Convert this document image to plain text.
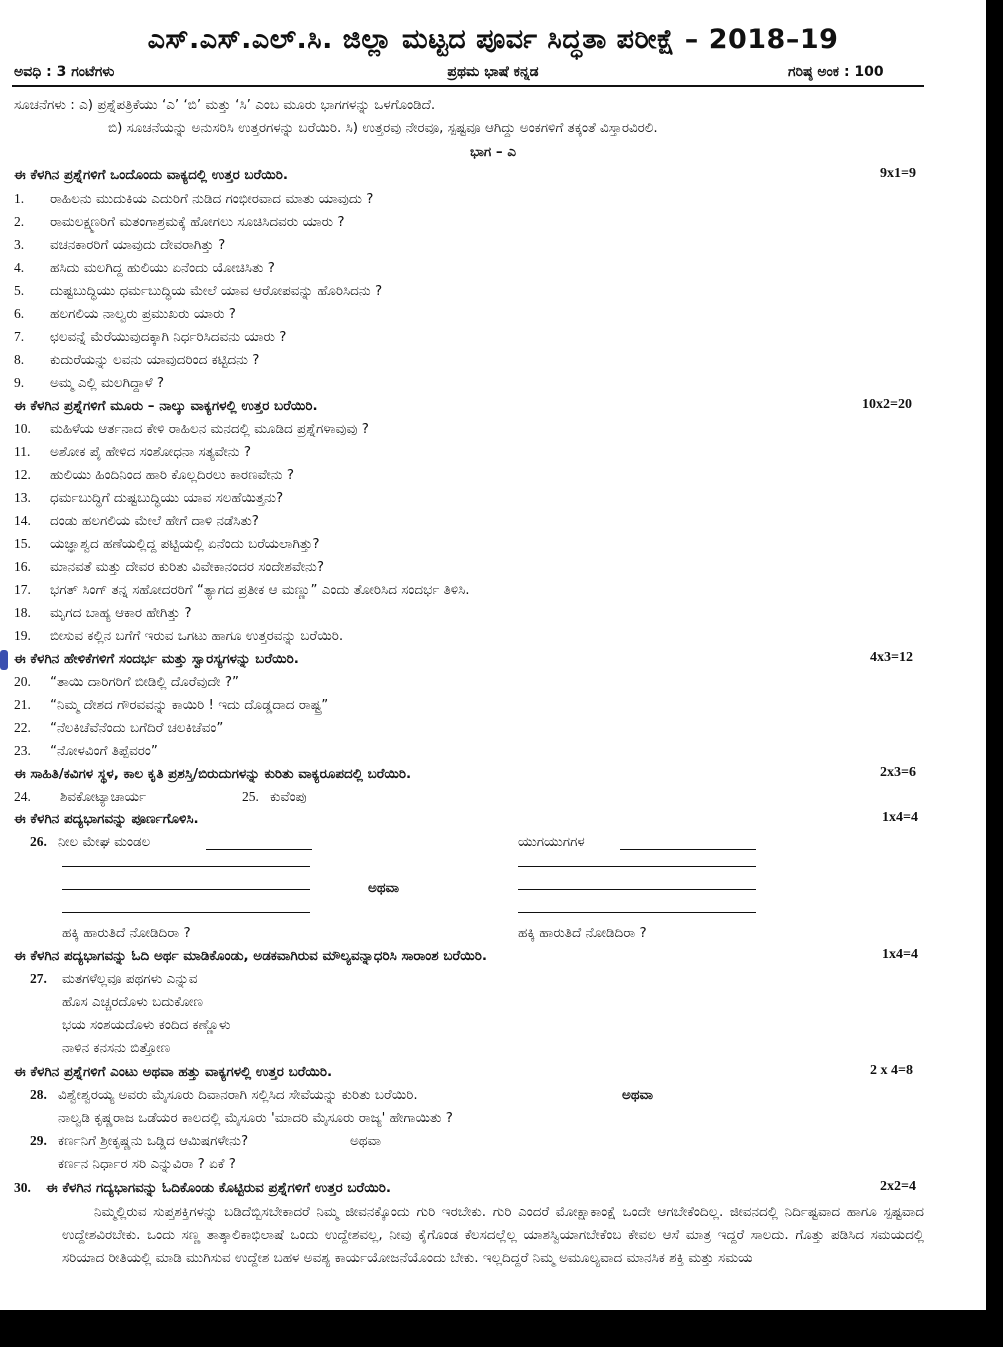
ಎಸ್.ಎಸ್.ಎಲ್.ಸಿ. ಜಿಲ್ಲಾ ಮಟ್ಟದ ಪೂರ್ವ ಸಿದ್ಧತಾ ಪರೀಕ್ಷೆ – 2018–19
ಅವಧಿ : 3 ಗಂಟೆಗಳು	ಪ್ರಥಮ ಭಾಷೆ ಕನ್ನಡ	ಗರಿಷ್ಠ ಅಂಕ : 100
ಸೂಚನೆಗಳು : ಎ) ಪ್ರಶ್ನೆಪತ್ರಿಕೆಯು ‘ಎ’ ‘ಬಿ’ ಮತ್ತು ‘ಸಿ’ ಎಂಬ ಮೂರು ಭಾಗಗಳನ್ನು ಒಳಗೊಂಡಿದೆ.
ಬಿ) ಸೂಚನೆಯನ್ನು ಅನುಸರಿಸಿ ಉತ್ತರಗಳನ್ನು ಬರೆಯಿರಿ. ಸಿ) ಉತ್ತರವು ನೇರವೂ, ಸ್ಪಷ್ಟವೂ ಆಗಿದ್ದು ಅಂಕಗಳಿಗೆ ತಕ್ಕಂತೆ ವಿಸ್ತಾರವಿರಲಿ.
ಭಾಗ – ಎ
ಈ ಕೆಳಗಿನ ಪ್ರಶ್ನೆಗಳಿಗೆ ಒಂದೊಂದು ವಾಕ್ಯದಲ್ಲಿ ಉತ್ತರ ಬರೆಯಿರಿ.	9x1=9
1. ರಾಹಿಲನು ಮುದುಕಿಯ ಎದುರಿಗೆ ನುಡಿದ ಗಂಭೀರವಾದ ಮಾತು ಯಾವುದು ?
2. ರಾಮಲಕ್ಷ್ಮಣರಿಗೆ ಮತಂಗಾಶ್ರಮಕ್ಕೆ ಹೋಗಲು ಸೂಚಿಸಿದವರು ಯಾರು ?
3. ವಚನಕಾರರಿಗೆ ಯಾವುದು ದೇವರಾಗಿತ್ತು ?
4. ಹಸಿದು ಮಲಗಿದ್ದ ಹುಲಿಯು ಏನೆಂದು ಯೋಚಿಸಿತು ?
5. ದುಷ್ಟಬುದ್ಧಿಯು ಧರ್ಮಬುದ್ಧಿಯ ಮೇಲೆ ಯಾವ ಆರೋಪವನ್ನು ಹೊರಿಸಿದನು ?
6. ಹಲಗಲಿಯ ನಾಲ್ವರು ಪ್ರಮುಖರು ಯಾರು ?
7. ಛಲವನ್ನೆ ಮೆರೆಯುವುದಕ್ಕಾಗಿ ನಿರ್ಧರಿಸಿದವನು ಯಾರು ?
8. ಕುದುರೆಯನ್ನು ಲವನು ಯಾವುದರಿಂದ ಕಟ್ಟಿದನು ?
9. ಅಮ್ಮ ಎಲ್ಲಿ ಮಲಗಿದ್ದಾಳೆ ?
ಈ ಕೆಳಗಿನ ಪ್ರಶ್ನೆಗಳಿಗೆ ಮೂರು – ನಾಲ್ಕು ವಾಕ್ಯಗಳಲ್ಲಿ ಉತ್ತರ ಬರೆಯಿರಿ.	10x2=20
10. ಮಹಿಳೆಯ ಆರ್ತನಾದ ಕೇಳಿ ರಾಹಿಲನ ಮನದಲ್ಲಿ ಮೂಡಿದ ಪ್ರಶ್ನೆಗಳಾವುವು ?
11. ಅಶೋಕ ಪೈ ಹೇಳಿದ ಸಂಶೋಧನಾ ಸತ್ಯವೇನು ?
12. ಹುಲಿಯು ಹಿಂದಿನಿಂದ ಹಾರಿ ಕೊಲ್ಲದಿರಲು ಕಾರಣವೇನು ?
13. ಧರ್ಮಬುದ್ಧಿಗೆ ದುಷ್ಟಬುದ್ಧಿಯು ಯಾವ ಸಲಹೆಯಿತ್ತನು?
14. ದಂಡು ಹಲಗಲಿಯ ಮೇಲೆ ಹೇಗೆ ದಾಳಿ ನಡೆಸಿತು?
15. ಯಜ್ಞಾಶ್ವದ ಹಣೆಯಲ್ಲಿದ್ದ ಪಟ್ಟಿಯಲ್ಲಿ ಏನೆಂದು ಬರೆಯಲಾಗಿತ್ತು?
16. ಮಾನವತೆ ಮತ್ತು ದೇವರ ಕುರಿತು ವಿವೇಕಾನಂದರ ಸಂದೇಶವೇನು?
17. ಭಗತ್ ಸಿಂಗ್ ತನ್ನ ಸಹೋದರರಿಗೆ “ತ್ಯಾಗದ ಪ್ರತೀಕ ಆ ಮಣ್ಣು” ಎಂದು ತೋರಿಸಿದ ಸಂದರ್ಭ ತಿಳಿಸಿ.
18. ಮೃಗದ ಬಾಹ್ಯ ಆಕಾರ ಹೇಗಿತ್ತು ?
19. ಬೀಸುವ ಕಲ್ಲಿನ ಬಗೆಗೆ ಇರುವ ಒಗಟು ಹಾಗೂ ಉತ್ತರವನ್ನು ಬರೆಯಿರಿ.
ಈ ಕೆಳಗಿನ ಹೇಳಿಕೆಗಳಿಗೆ ಸಂದರ್ಭ ಮತ್ತು ಸ್ವಾರಸ್ಯಗಳನ್ನು ಬರೆಯಿರಿ.	4x3=12
20. “ತಾಯಿ ದಾರಿಗರಿಗೆ ಬೀಡಿಲ್ಲಿ ದೊರೆವುದೇ ?”
21. “ನಿಮ್ಮ ದೇಶದ ಗೌರವವನ್ನು ಕಾಯಿರಿ ! ಇದು ದೊಡ್ಡದಾದ ರಾಷ್ಟ್ರ”
22. “ನೆಲಕಿಚೆವೆನೆಂದು ಬಗೆದಿರೆ ಚಲಕಿಚೆವಂ”
23. “ನೋಳವಿಂಗೆ ತಿಪ್ಪೆವರಂ”
ಈ ಸಾಹಿತಿ/ಕವಿಗಳ ಸ್ಥಳ, ಕಾಲ ಕೃತಿ ಪ್ರಶಸ್ತಿ/ಬಿರುದುಗಳನ್ನು ಕುರಿತು ವಾಕ್ಯರೂಪದಲ್ಲಿ ಬರೆಯಿರಿ.	2x3=6
24. ಶಿವಕೋಟ್ಯಾಚಾರ್ಯ	25. ಕುವೆಂಪು
ಈ ಕೆಳಗಿನ ಪದ್ಯಭಾಗವನ್ನು ಪೂರ್ಣಗೊಳಿಸಿ.	1x4=4
26. ನೀಲ ಮೇಘ ಮಂಡಲ
ಅಥವಾ
ಯುಗಯುಗಗಳ
ಹಕ್ಕಿ ಹಾರುತಿದೆ ನೋಡಿದಿರಾ ?	ಹಕ್ಕಿ ಹಾರುತಿದೆ ನೋಡಿದಿರಾ ?
ಈ ಕೆಳಗಿನ ಪದ್ಯಭಾಗವನ್ನು ಓದಿ ಅರ್ಥ ಮಾಡಿಕೊಂಡು, ಅಡಕವಾಗಿರುವ ಮೌಲ್ಯವನ್ನಾಧರಿಸಿ ಸಾರಾಂಶ ಬರೆಯಿರಿ.	1x4=4
27. ಮತಗಳೆಲ್ಲವೂ ಪಥಗಳು ಎನ್ನುವ
ಹೊಸ ಎಚ್ಚರದೊಳು ಬದುಕೋಣ
ಭಯ ಸಂಶಯದೊಳು ಕಂದಿದ ಕಣ್ಣೊಳು
ನಾಳಿನ ಕನಸನು ಬಿತ್ತೋಣ
ಈ ಕೆಳಗಿನ ಪ್ರಶ್ನೆಗಳಿಗೆ ಎಂಟು ಅಥವಾ ಹತ್ತು ವಾಕ್ಯಗಳಲ್ಲಿ ಉತ್ತರ ಬರೆಯಿರಿ.	2 x 4=8
28. ವಿಶ್ವೇಶ್ವರಯ್ಯ ಅವರು ಮೈಸೂರು ದಿವಾನರಾಗಿ ಸಲ್ಲಿಸಿದ ಸೇವೆಯನ್ನು ಕುರಿತು ಬರೆಯಿರಿ.	ಅಥವಾ
ನಾಲ್ವಡಿ ಕೃಷ್ಣರಾಜ ಒಡೆಯರ ಕಾಲದಲ್ಲಿ ಮೈಸೂರು 'ಮಾದರಿ ಮೈಸೂರು ರಾಜ್ಯ' ಹೇಗಾಯಿತು ?
29. ಕರ್ಣನಿಗೆ ಶ್ರೀಕೃಷ್ಣನು ಒಡ್ಡಿದ ಆಮಿಷಗಳೇನು?	ಅಥವಾ
ಕರ್ಣನ ನಿರ್ಧಾರ ಸರಿ ಎನ್ನುವಿರಾ ? ಏಕೆ ?
30. ಈ ಕೆಳಗಿನ ಗದ್ಯಭಾಗವನ್ನು ಓದಿಕೊಂಡು ಕೊಟ್ಟಿರುವ ಪ್ರಶ್ನೆಗಳಿಗೆ ಉತ್ತರ ಬರೆಯಿರಿ.	2x2=4
ನಿಮ್ಮಲ್ಲಿರುವ ಸುಪ್ತಶಕ್ತಿಗಳನ್ನು ಬಡಿದೆಬ್ಬಿಸಬೇಕಾದರೆ ನಿಮ್ಮ ಜೀವನಕ್ಕೊಂದು ಗುರಿ ಇರಬೇಕು. ಗುರಿ ಎಂದರೆ ಮೋಕ್ಷಾಕಾಂಕ್ಷೆ ಒಂದೇ ಆಗಬೇಕೆಂದಿಲ್ಲ. ಜೀವನದಲ್ಲಿ ನಿರ್ದಿಷ್ಟವಾದ ಹಾಗೂ ಸ್ಪಷ್ಟವಾದ ಉದ್ದೇಶವಿರಬೇಕು. ಒಂದು ಸಣ್ಣ ತಾತ್ಕಾಲಿಕಾಭಿಲಾಷೆ ಒಂದು ಉದ್ದೇಶವಲ್ಲ, ನೀವು ಕೈಗೊಂಡ ಕೆಲಸದಲ್ಲೆಲ್ಲ ಯಾಶಸ್ವಿಯಾಗಬೇಕೆಂಬ ಕೇವಲ ಆಸೆ ಮಾತ್ರ ಇದ್ದರೆ ಸಾಲದು. ಗೊತ್ತು ಪಡಿಸಿದ ಸಮಯದಲ್ಲಿ ಸರಿಯಾದ ರೀತಿಯಲ್ಲಿ ಮಾಡಿ ಮುಗಿಸುವ ಉದ್ದೇಶ ಬಹಳ ಅವಶ್ಯ ಕಾರ್ಯಯೋಜನೆಯೊಂದು ಬೇಕು. ಇಲ್ಲದಿದ್ದರೆ ನಿಮ್ಮ ಅಮೂಲ್ಯವಾದ ಮಾನಸಿಕ ಶಕ್ತಿ ಮತ್ತು ಸಮಯ
